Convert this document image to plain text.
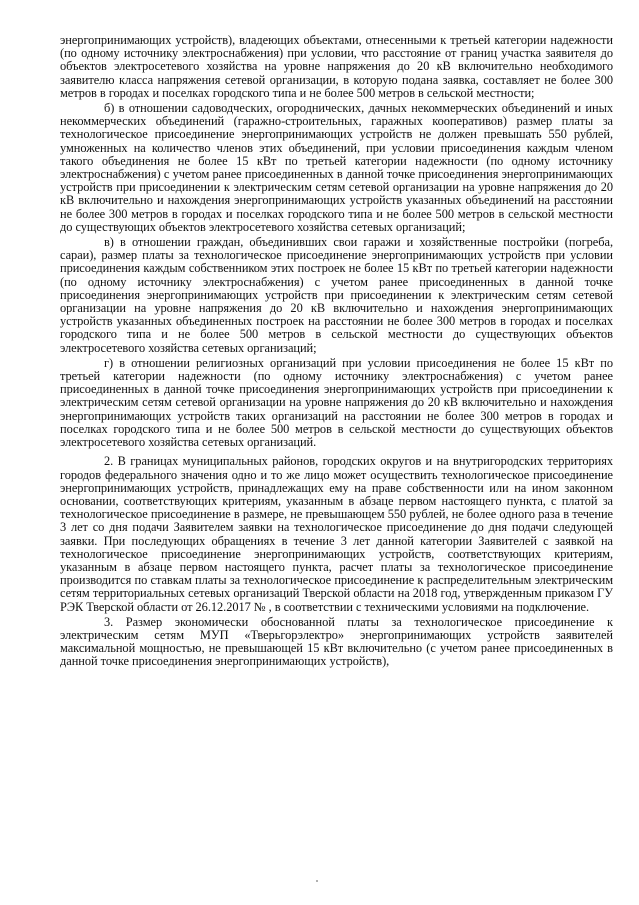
энергопринимающих устройств), владеющих объектами, отнесенными к третьей категории надежности (по одному источнику электроснабжения) при условии, что расстояние от границ участка заявителя до объектов электросетевого хозяйства на уровне напряжения до 20 кВ включительно необходимого заявителю класса напряжения сетевой организации, в которую подана заявка, составляет не более 300 метров в городах и поселках городского типа и не более 500 метров в сельской местности;

б) в отношении садоводческих, огороднических, дачных некоммерческих объединений и иных некоммерческих объединений (гаражно-строительных, гаражных кооперативов) размер платы за технологическое присоединение энергопринимающих устройств не должен превышать 550 рублей, умноженных на количество членов этих объединений, при условии присоединения каждым членом такого объединения не более 15 кВт по третьей категории надежности (по одному источнику электроснабжения) с учетом ранее присоединенных в данной точке присоединения энергопринимающих устройств при присоединении к электрическим сетям сетевой организации на уровне напряжения до 20 кВ включительно и нахождения энергопринимающих устройств указанных объединений на расстоянии не более 300 метров в городах и поселках городского типа и не более 500 метров в сельской местности до существующих объектов электросетевого хозяйства сетевых организаций;

в) в отношении граждан, объединивших свои гаражи и хозяйственные постройки (погреба, сараи), размер платы за технологическое присоединение энергопринимающих устройств при условии присоединения каждым собственником этих построек не более 15 кВт по третьей категории надежности (по одному источнику электроснабжения) с учетом ранее присоединенных в данной точке присоединения энергопринимающих устройств при присоединении к электрическим сетям сетевой организации на уровне напряжения до 20 кВ включительно и нахождения энергопринимающих устройств указанных объединенных построек на расстоянии не более 300 метров в городах и поселках городского типа и не более 500 метров в сельской местности до существующих объектов электросетевого хозяйства сетевых организаций;

г) в отношении религиозных организаций при условии присоединения не более 15 кВт по третьей категории надежности (по одному источнику электроснабжения) с учетом ранее присоединенных в данной точке присоединения энергопринимающих устройств при присоединении к электрическим сетям сетевой организации на уровне напряжения до 20 кВ включительно и нахождения энергопринимающих устройств таких организаций на расстоянии не более 300 метров в городах и поселках городского типа и не более 500 метров в сельской местности до существующих объектов электросетевого хозяйства сетевых организаций.

2. В границах муниципальных районов, городских округов и на внутригородских территориях городов федерального значения одно и то же лицо может осуществить технологическое присоединение энергопринимающих устройств, принадлежащих ему на праве собственности или на ином законном основании, соответствующих критериям, указанным в абзаце первом настоящего пункта, с платой за технологическое присоединение в размере, не превышающем 550 рублей, не более одного раза в течение 3 лет со дня подачи Заявителем заявки на технологическое присоединение до дня подачи следующей заявки. При последующих обращениях в течение 3 лет данной категории Заявителей с заявкой на технологическое присоединение энергопринимающих устройств, соответствующих критериям, указанным в абзаце первом настоящего пункта, расчет платы за технологическое присоединение производится по ставкам платы за технологическое присоединение к распределительным электрическим сетям территориальных сетевых организаций Тверской области на 2018 год, утвержденным приказом ГУ РЭК Тверской области от 26.12.2017 № , в соответствии с техническими условиями на подключение.

3. Размер экономически обоснованной платы за технологическое присоединение к электрическим сетям МУП «Тверьгорэлектро» энергопринимающих устройств заявителей максимальной мощностью, не превышающей 15 кВт включительно (с учетом ранее присоединенных в данной точке присоединения энергопринимающих устройств),
